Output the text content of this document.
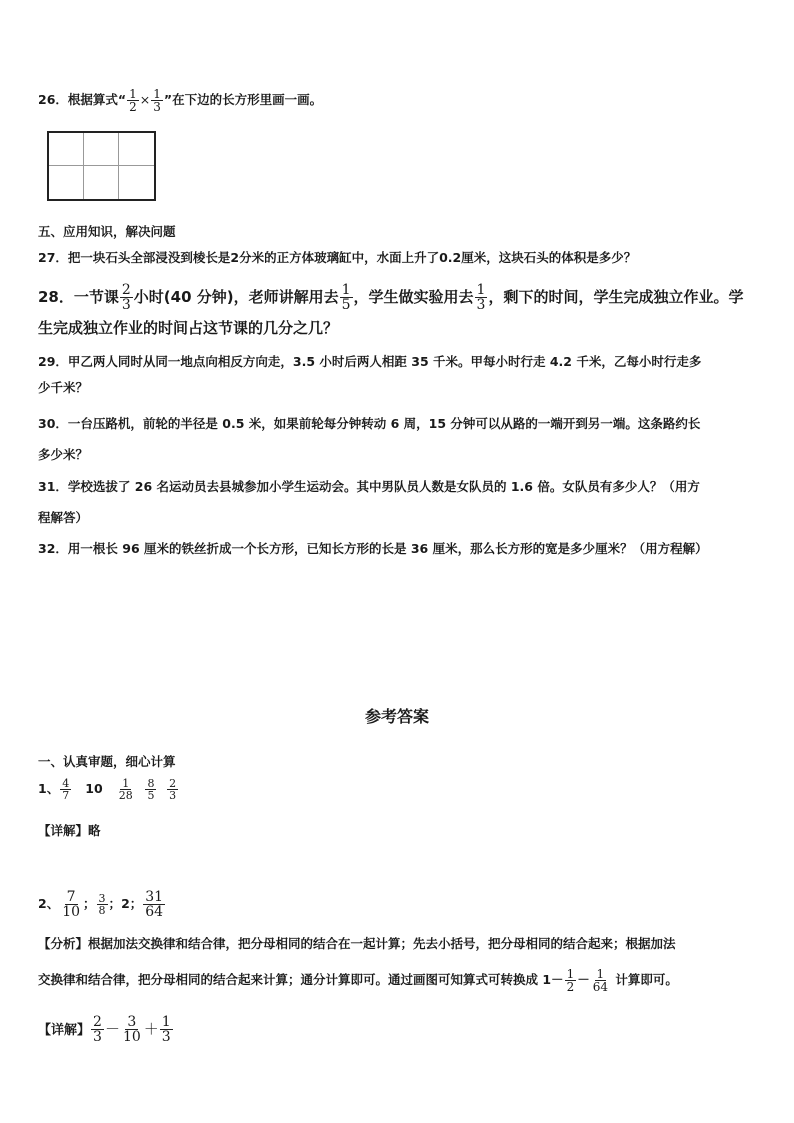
26．根据算式“ $\frac{1}{2} \times \frac{1}{3}$ ”在下边的长方形里画一画。
五、应用知识，解决问题
27．把一块石头全部浸没到棱长是2分米的正方体玻璃缸中，水面上升了0.2厘米，这块石头的体积是多少？
28．一节课 $\frac{2}{3}$ 小时(40 分钟)，老师讲解用去 $\frac{1}{5}$ ，学生做实验用去 $\frac{1}{3}$ ，剩下的时间，学生完成独立作业。学
生完成独立作业的时间占这节课的几分之几？
29．甲乙两人同时从同一地点向相反方向走，3.5 小时后两人相距 35 千米。甲每小时行走 4.2 千米，乙每小时行走多
少千米？
30．一台压路机，前轮的半径是 0.5 米，如果前轮每分钟转动 6 周，15 分钟可以从路的一端开到另一端。这条路约长
多少米？
31．学校选拔了 26 名运动员去县城参加小学生运动会。其中男队员人数是女队员的 1.6 倍。女队员有多少人？（用方
程解答）
32．用一根长 96 厘米的铁丝折成一个长方形，已知长方形的长是 36 厘米，那么长方形的宽是多少厘米？（用方程解）
参考答案
一、认真审题，细心计算
1、 $\frac{4}{7} 10 \frac{1}{28}$
$\frac{8}{5}$
$\frac{2}{3}$
【详解】略
2、 $\frac{7}{10}$ ； $\frac{3}{8}$ ；2； $\frac{31}{64}$
【分析】根据加法交换律和结合律，把分母相同的结合在一起计算；先去小括号，把分母相同的结合起来；根据加法
交换律和结合律，把分母相同的结合起来计算；通分计算即可。通过画图可知算式可转换成 $1- \frac{1}{2} - \frac{1}{64}$ 计算即可。
【详解】 $\frac{2}{3} - \frac{3}{10} + \frac{1}{3}$
